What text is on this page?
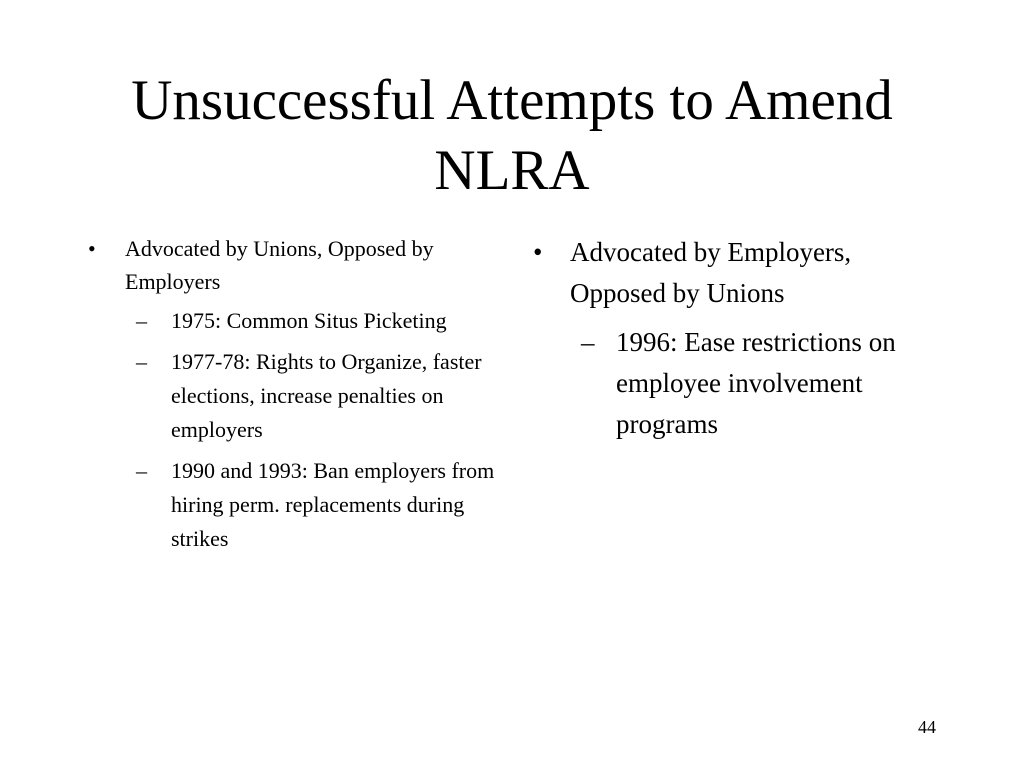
Unsuccessful Attempts to Amend
NLRA
•	Advocated by Unions, Opposed by Employers
–	1975: Common Situs Picketing
–	1977-78: Rights to Organize, faster elections, increase penalties on employers
–	1990 and 1993: Ban employers from hiring perm. replacements during strikes
•	Advocated by Employers, Opposed by Unions
– 1996: Ease restrictions on employee involvement programs
44
